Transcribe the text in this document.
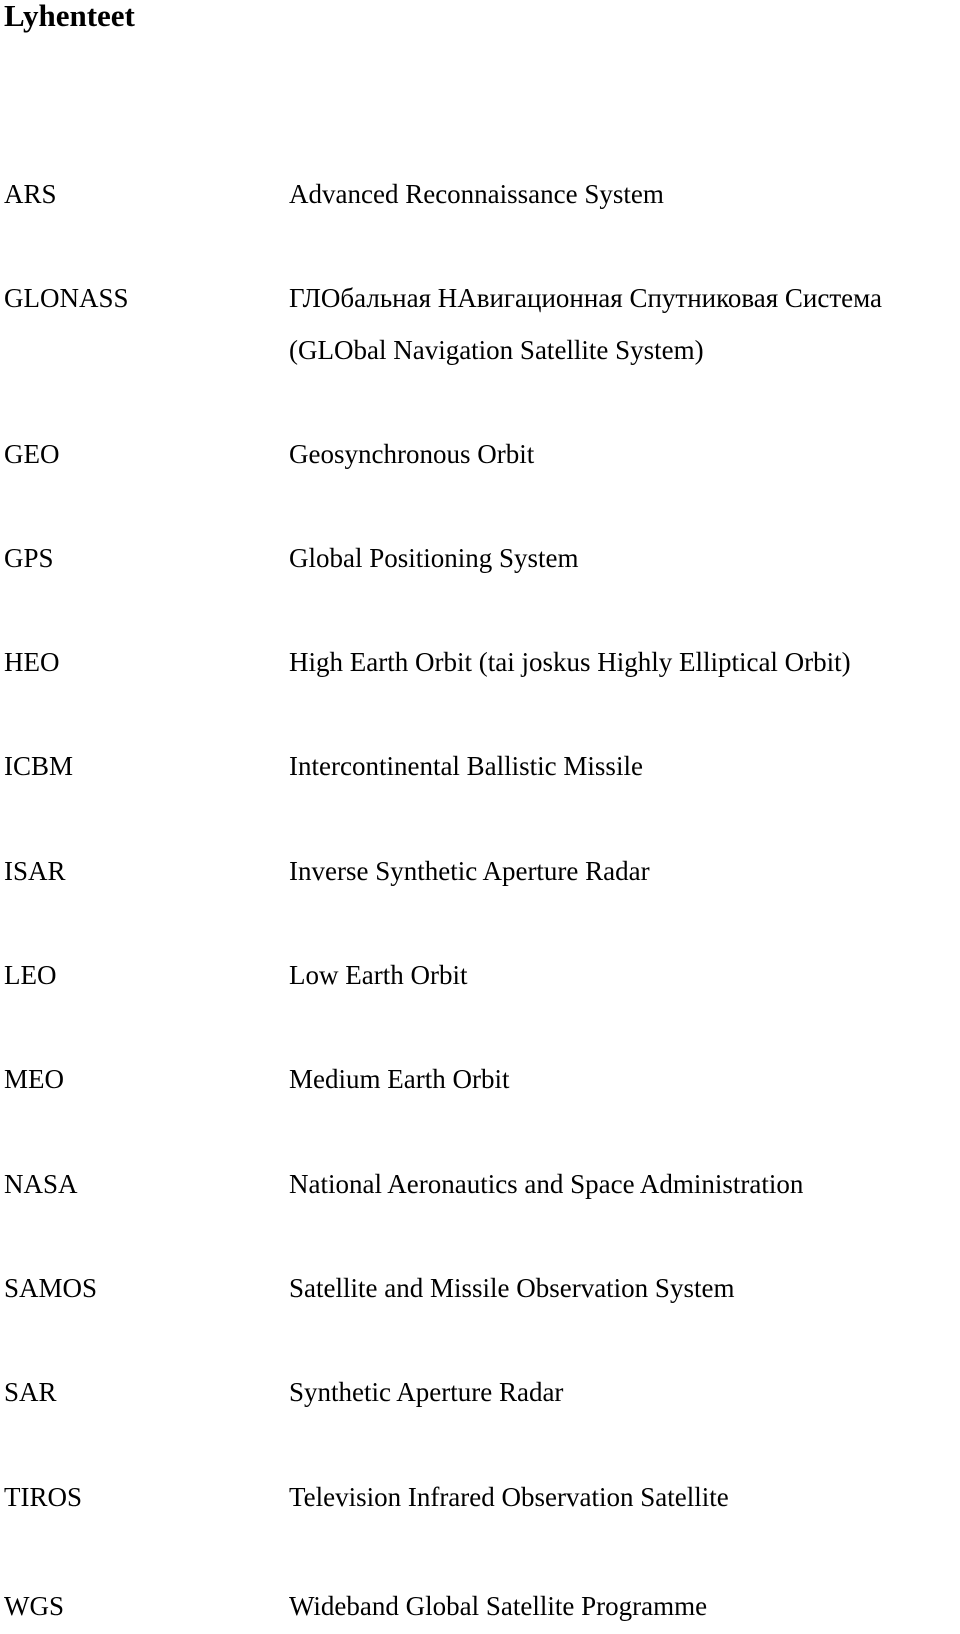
Lyhenteet
ARS	Advanced Reconnaissance System
GLONASS	ГЛОбальная НАвигационная Спутниковая Система
(GLObal Navigation Satellite System)
GEO	Geosynchronous Orbit
GPS	Global Positioning System
HEO	High Earth Orbit (tai joskus Highly Elliptical Orbit)
ICBM	Intercontinental Ballistic Missile
ISAR	Inverse Synthetic Aperture Radar
LEO	Low Earth Orbit
MEO	Medium Earth Orbit
NASA	National Aeronautics and Space Administration
SAMOS	Satellite and Missile Observation System
SAR	Synthetic Aperture Radar
TIROS	Television Infrared Observation Satellite
WGS	Wideband Global Satellite Programme
